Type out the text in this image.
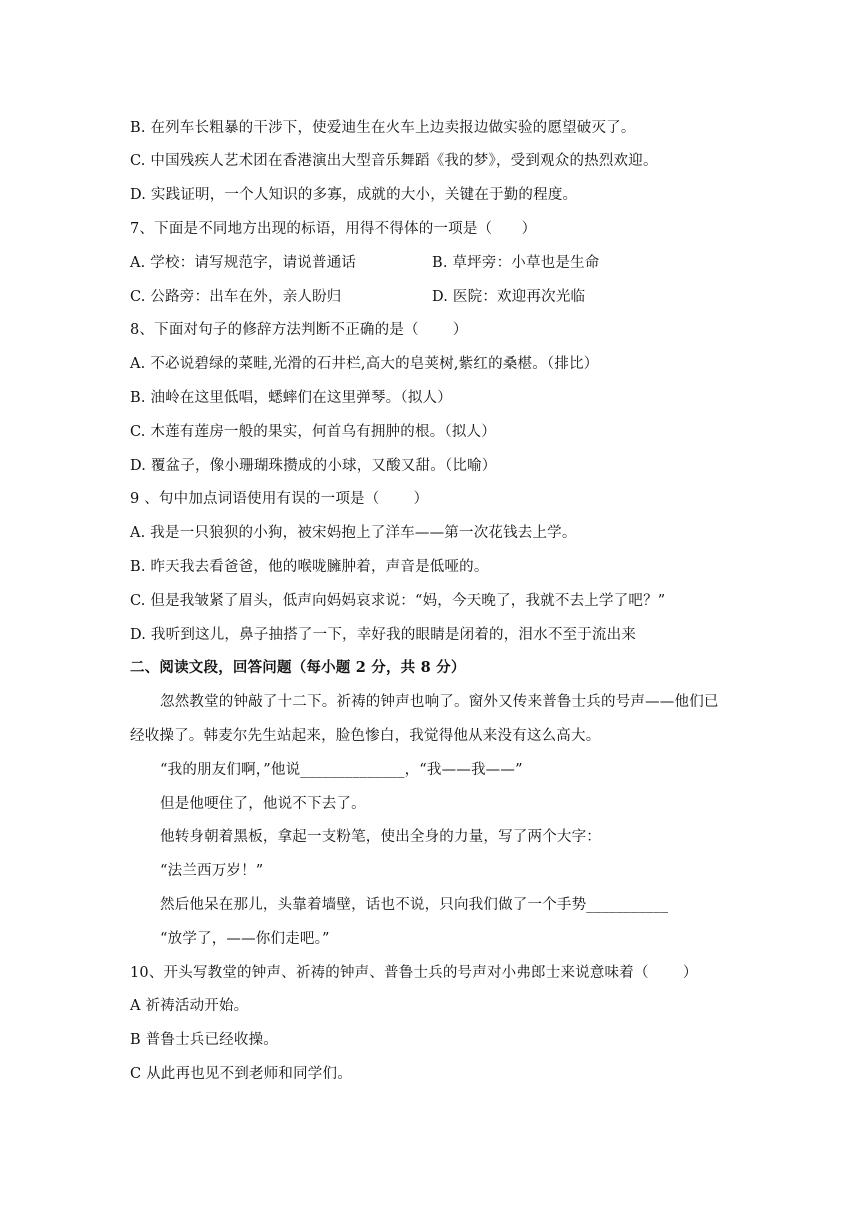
B. 在列车长粗暴的干涉下，使爱迪生在火车上边卖报边做实验的愿望破灭了。
C. 中国残疾人艺术团在香港演出大型音乐舞蹈《我的梦》，受到观众的热烈欢迎。
D. 实践证明，一个人知识的多寡，成就的大小，关键在于勤的程度。
7、下面是不同地方出现的标语，用得不得体的一项是（　　）
A. 学校：请写规范字，请说普通话	B. 草坪旁：小草也是生命
C. 公路旁：出车在外，亲人盼归	D. 医院：欢迎再次光临
8、下面对句子的修辞方法判断不正确的是（　　 ）
A. 不必说碧绿的菜畦,光滑的石井栏,高大的皂荚树,紫红的桑椹。（排比）
B. 油岭在这里低唱，蟋蟀们在这里弹琴。（拟人）
C. 木莲有莲房一般的果实，何首乌有拥肿的根。（拟人）
D. 覆盆子，像小珊瑚珠攒成的小球，又酸又甜。（比喻）
9 、句中加点词语使用有误的一项是（　　 ）
A. 我是一只狼狈的小狗，被宋妈抱上了洋车——第一次花钱去上学。
B. 昨天我去看爸爸，他的喉咙臃肿着，声音是低哑的。
C. 但是我皱紧了眉头，低声向妈妈哀求说：“妈，今天晚了，我就不去上学了吧？”
D. 我听到这儿，鼻子抽搭了一下，幸好我的眼睛是闭着的，泪水不至于流出来
二、阅读文段，回答问题（每小题 2 分，共 8 分）
忽然教堂的钟敲了十二下。祈祷的钟声也响了。窗外又传来普鲁士兵的号声——他们已
经收操了。韩麦尔先生站起来，脸色惨白，我觉得他从来没有这么高大。
“我的朋友们啊，”他说______________，“我——我——”
但是他哽住了，他说不下去了。
他转身朝着黑板，拿起一支粉笔，使出全身的力量，写了两个大字：
“法兰西万岁！”
然后他呆在那儿，头靠着墙壁，话也不说，只向我们做了一个手势___________
“放学了，——你们走吧。”
10、开头写教堂的钟声、祈祷的钟声、普鲁士兵的号声对小弗郎士来说意味着（　　 ）
A 祈祷活动开始。
B 普鲁士兵已经收操。
C 从此再也见不到老师和同学们。
